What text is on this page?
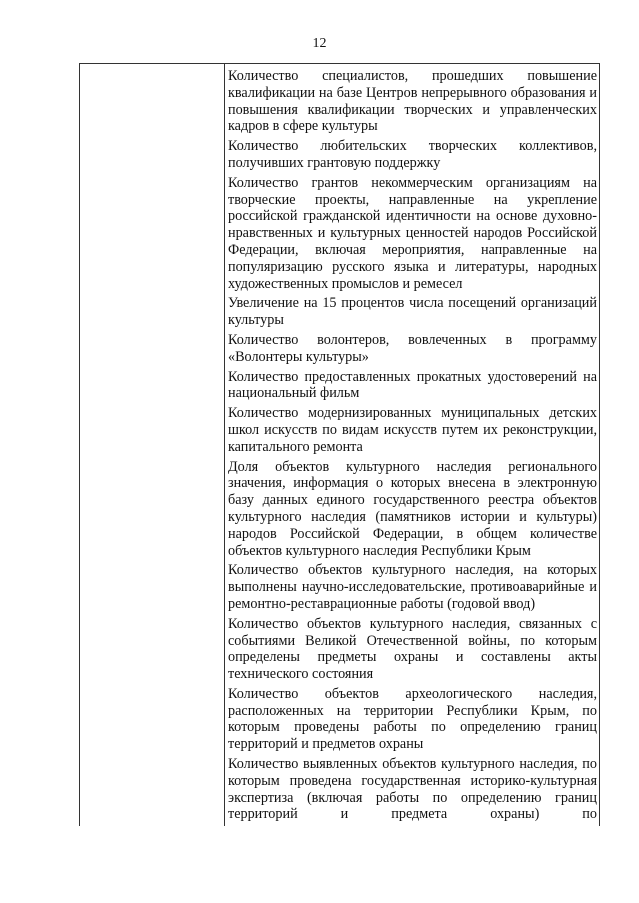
12

Количество специалистов, прошедших повышение квалификации на базе Центров непрерывного образования и повышения квалификации творческих и управленческих кадров в сфере культуры

Количество любительских творческих коллективов, получивших грантовую поддержку

Количество грантов некоммерческим организациям на творческие проекты, направленные на укрепление российской гражданской идентичности на основе духовно-нравственных и культурных ценностей народов Российской Федерации, включая мероприятия, направленные на популяризацию русского языка и литературы, народных художественных промыслов и ремесел

Увеличение на 15 процентов числа посещений организаций культуры

Количество волонтеров, вовлеченных в программу «Волонтеры культуры»

Количество предоставленных прокатных удостоверений на национальный фильм

Количество модернизированных муниципальных детских школ искусств по видам искусств путем их реконструкции, капитального ремонта

Доля объектов культурного наследия регионального значения, информация о которых внесена в электронную базу данных единого государственного реестра объектов культурного наследия (памятников истории и культуры) народов Российской Федерации, в общем количестве объектов культурного наследия Республики Крым

Количество объектов культурного наследия, на которых выполнены научно-исследовательские, противоаварийные и ремонтно-реставрационные работы (годовой ввод)

Количество объектов культурного наследия, связанных с событиями Великой Отечественной войны, по которым определены предметы охраны и составлены акты технического состояния

Количество объектов археологического наследия, расположенных на территории Республики Крым, по которым проведены работы по определению границ территорий и предметов охраны

Количество выявленных объектов культурного наследия, по которым проведена государственная историко-культурная экспертиза (включая работы по определению границ территорий и предмета охраны) по
